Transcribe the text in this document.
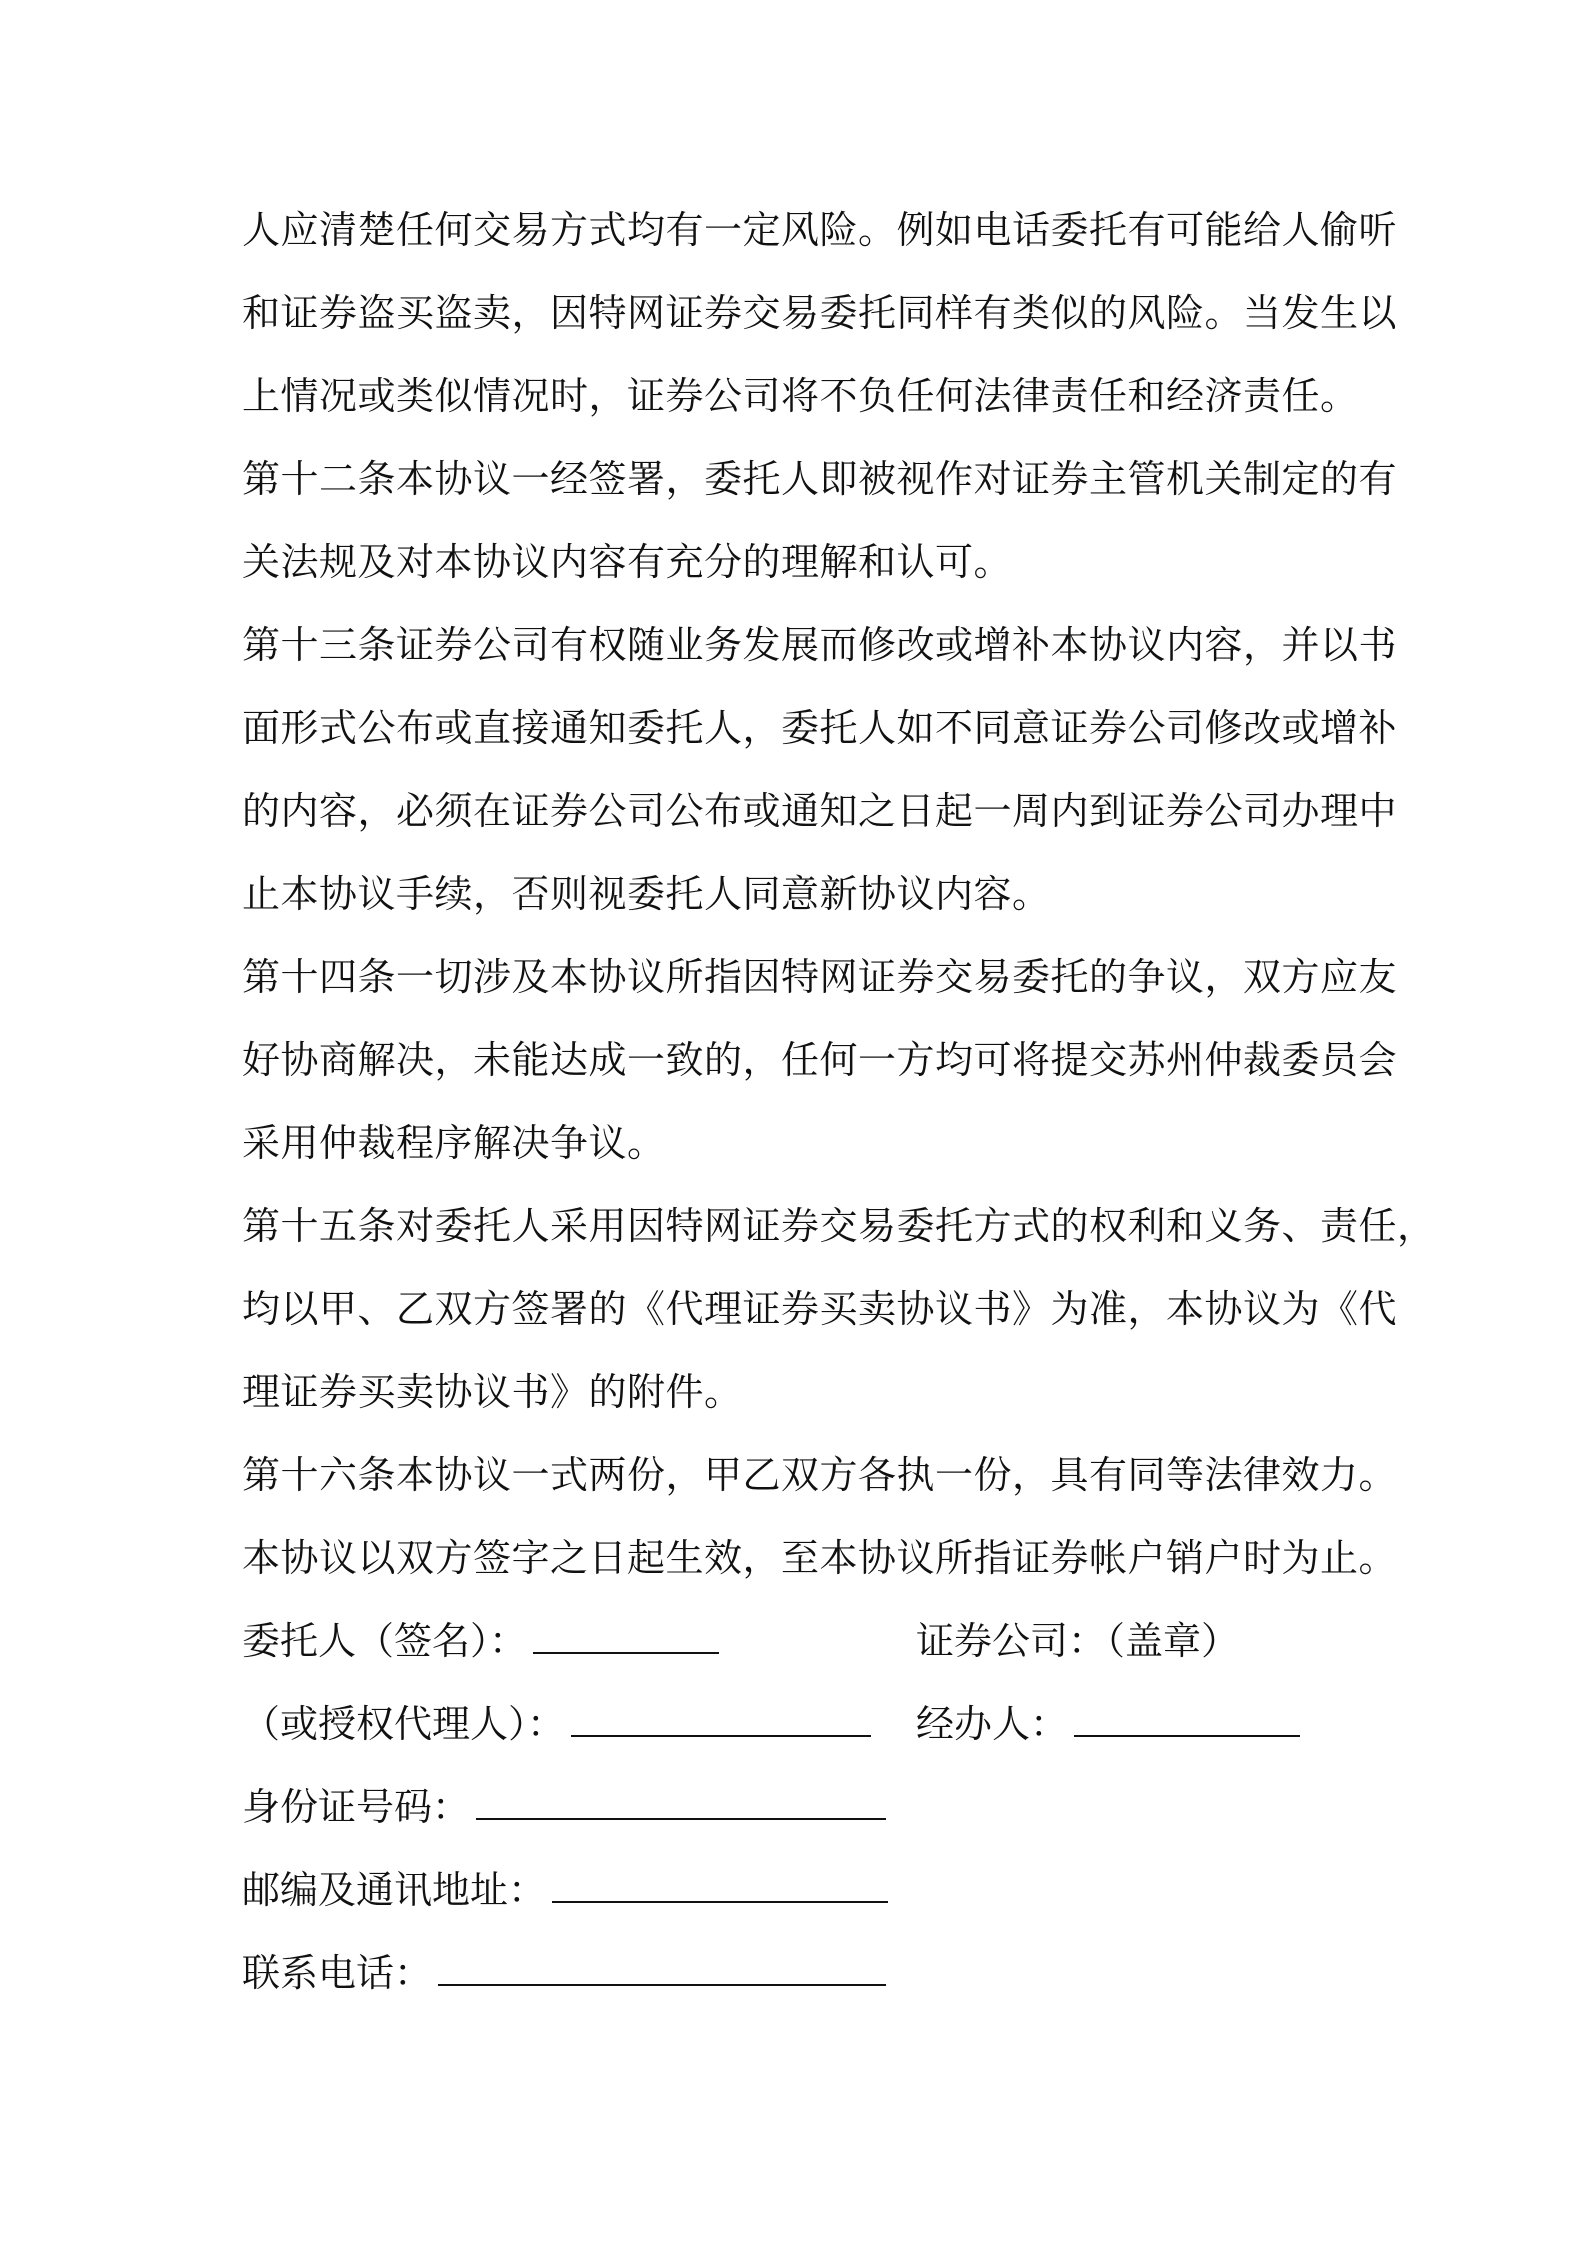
人应清楚任何交易方式均有一定风险。例如电话委托有可能给人偷听
和证券盗买盗卖，因特网证券交易委托同样有类似的风险。当发生以
上情况或类似情况时，证券公司将不负任何法律责任和经济责任。
第十二条本协议一经签署，委托人即被视作对证券主管机关制定的有
关法规及对本协议内容有充分的理解和认可。
第十三条证券公司有权随业务发展而修改或增补本协议内容，并以书
面形式公布或直接通知委托人，委托人如不同意证券公司修改或增补
的内容，必须在证券公司公布或通知之日起一周内到证券公司办理中
止本协议手续，否则视委托人同意新协议内容。
第十四条一切涉及本协议所指因特网证券交易委托的争议，双方应友
好协商解决，未能达成一致的，任何一方均可将提交苏州仲裁委员会
采用仲裁程序解决争议。
第十五条对委托人采用因特网证券交易委托方式的权利和义务、责任，
均以甲、乙双方签署的《代理证券买卖协议书》为准，本协议为《代
理证券买卖协议书》的附件。
第十六条本协议一式两份，甲乙双方各执一份，具有同等法律效力。
本协议以双方签字之日起生效，至本协议所指证券帐户销户时为止。
委托人（签名）：	证券公司：（盖章）
（或授权代理人）：	经办人：
身份证号码：
邮编及通讯地址：
联系电话：
